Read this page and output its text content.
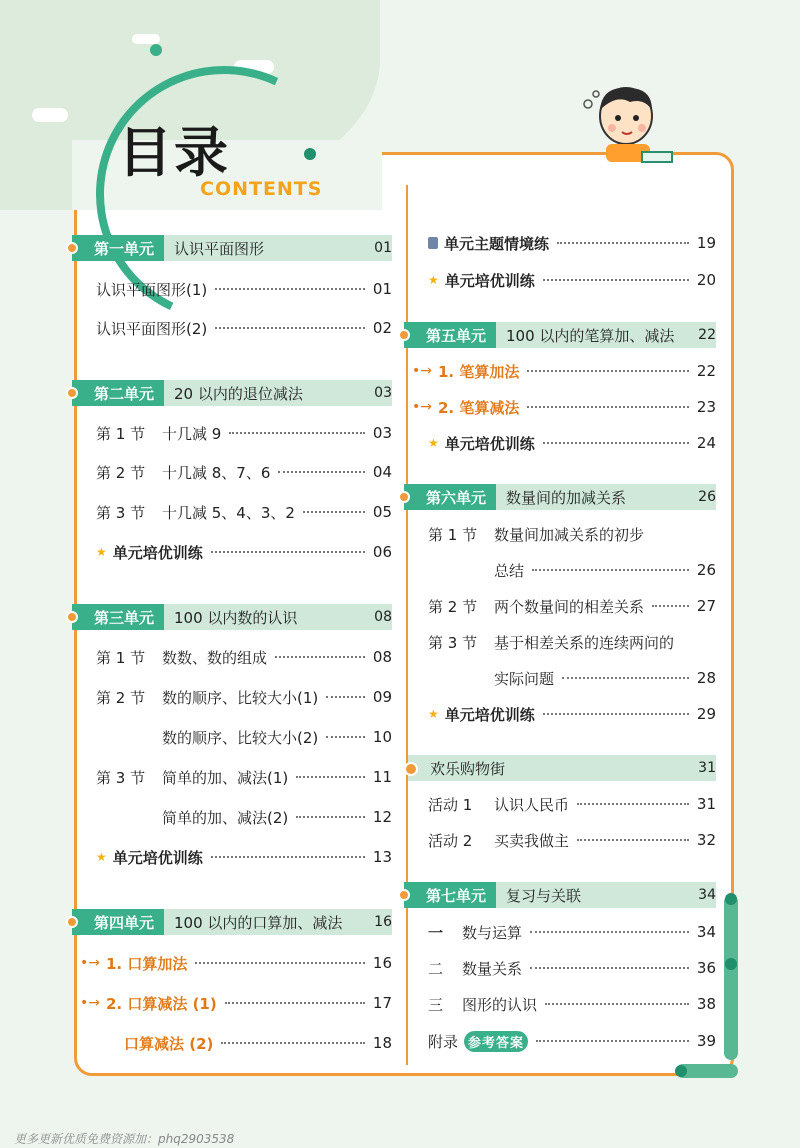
目录
CONTENTS
第一单元	认识平面图形	01
认识平面图形(1)	01
认识平面图形(2)	02
第二单元	20 以内的退位减法	03
第 1 节	十几减 9	03
第 2 节	十几减 8、7、6	04
第 3 节	十几减 5、4、3、2	05
★ 单元培优训练	06
第三单元	100 以内数的认识	08
第 1 节	数数、数的组成	08
第 2 节	数的顺序、比较大小(1)	09
数的顺序、比较大小(2)	10
第 3 节	简单的加、减法(1)	11
简单的加、减法(2)	12
★ 单元培优训练	13
第四单元	100 以内的口算加、减法 16
•→ 1. 口算加法	16
•→ 2. 口算减法 (1)	17
口算减法 (2)	18
单元主题情境练	19
★ 单元培优训练	20
第五单元	100 以内的笔算加、减法 22
•→ 1. 笔算加法	22
•→ 2. 笔算减法	23
★ 单元培优训练	24
第六单元	数量间的加减关系	26
第 1 节	数量间加减关系的初步
总结	26
第 2 节	两个数量间的相差关系	27
第 3 节	基于相差关系的连续两问的
实际问题	28
★ 单元培优训练	29
欢乐购物街	31
活动 1	认识人民币	31
活动 2	买卖我做主	32
第七单元	复习与关联	34
一	数与运算	34
二	数量关系	36
三	图形的认识	38
附录 参考答案	39
更多更新优质免费资源加：phq2903538
